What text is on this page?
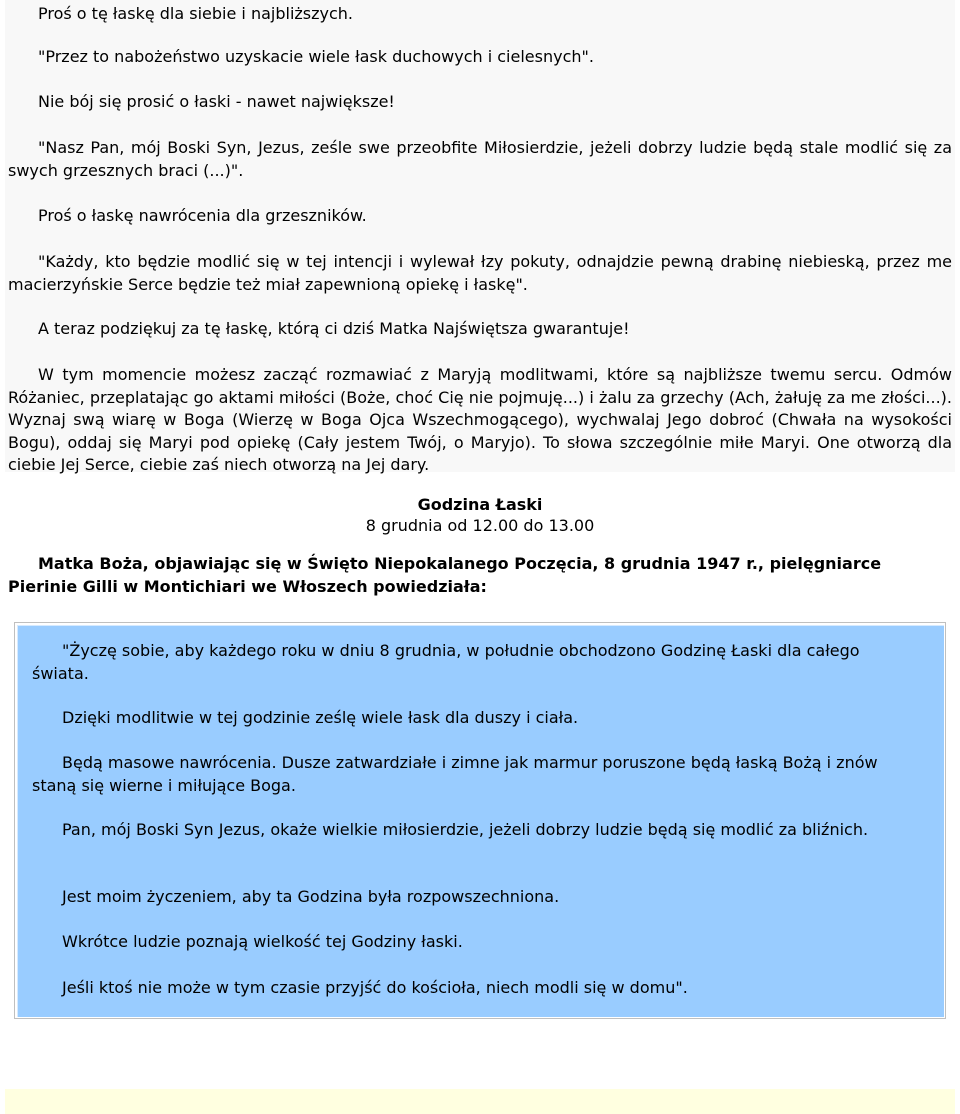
Proś o tę łaskę dla siebie i najbliższych.

"Przez to nabożeństwo uzyskacie wiele łask duchowych i cielesnych".

Nie bój się prosić o łaski - nawet największe!

"Nasz Pan, mój Boski Syn, Jezus, ześle swe przeobfite Miłosierdzie, jeżeli dobrzy ludzie będą stale modlić się za swych grzesznych braci (...)".

Proś o łaskę nawrócenia dla grzeszników.

"Każdy, kto będzie modlić się w tej intencji i wylewał łzy pokuty, odnajdzie pewną drabinę niebieską, przez me macierzyńskie Serce będzie też miał zapewnioną opiekę i łaskę".

A teraz podziękuj za tę łaskę, którą ci dziś Matka Najświętsza gwarantuje!

W tym momencie możesz zacząć rozmawiać z Maryją modlitwami, które są najbliższe twemu sercu. Odmów Różaniec, przeplatając go aktami miłości (Boże, choć Cię nie pojmuję...) i żalu za grzechy (Ach, żałuję za me złości...). Wyznaj swą wiarę w Boga (Wierzę w Boga Ojca Wszechmogącego), wychwalaj Jego dobroć (Chwała na wysokości Bogu), oddaj się Maryi pod opiekę (Cały jestem Twój, o Maryjo). To słowa szczególnie miłe Maryi. One otworzą dla ciebie Jej Serce, ciebie zaś niech otworzą na Jej dary.

Godzina Łaski
8 grudnia od 12.00 do 13.00

Matka Boża, objawiając się w Święto Niepokalanego Poczęcia, 8 grudnia 1947 r., pielęgniarce Pierinie Gilli w Montichiari we Włoszech powiedziała:

"Życzę sobie, aby każdego roku w dniu 8 grudnia, w południe obchodzono Godzinę Łaski dla całego świata.

Dzięki modlitwie w tej godzinie ześlę wiele łask dla duszy i ciała.

Będą masowe nawrócenia. Dusze zatwardziałe i zimne jak marmur poruszone będą łaską Bożą i znów staną się wierne i miłujące Boga.

Pan, mój Boski Syn Jezus, okaże wielkie miłosierdzie, jeżeli dobrzy ludzie będą się modlić za bliźnich.

Jest moim życzeniem, aby ta Godzina była rozpowszechniona.

Wkrótce ludzie poznają wielkość tej Godziny łaski.

Jeśli ktoś nie może w tym czasie przyjść do kościoła, niech modli się w domu".
